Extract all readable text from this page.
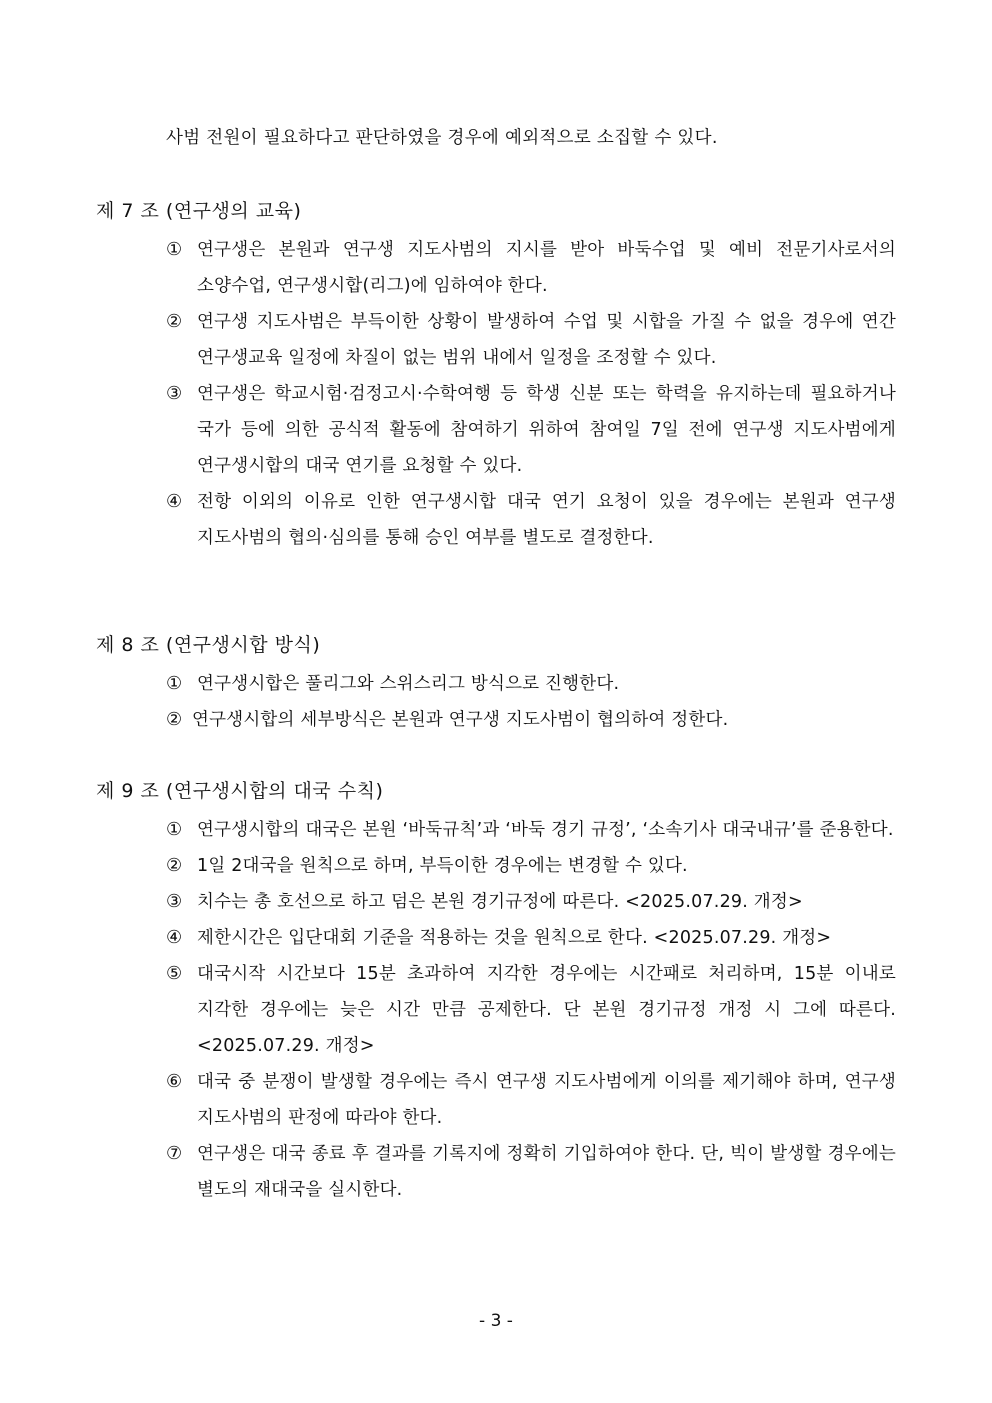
사범 전원이 필요하다고 판단하였을 경우에 예외적으로 소집할 수 있다.
제 7 조 (연구생의 교육)
① 연구생은 본원과 연구생 지도사범의 지시를 받아 바둑수업 및 예비 전문기사로서의 소양수업, 연구생시합(리그)에 임하여야 한다.
② 연구생 지도사범은 부득이한 상황이 발생하여 수업 및 시합을 가질 수 없을 경우에 연간 연구생교육 일정에 차질이 없는 범위 내에서 일정을 조정할 수 있다.
③ 연구생은 학교시험·검정고시·수학여행 등 학생 신분 또는 학력을 유지하는데 필요하거나 국가 등에 의한 공식적 활동에 참여하기 위하여 참여일 7일 전에 연구생 지도사범에게 연구생시합의 대국 연기를 요청할 수 있다.
④ 전항 이외의 이유로 인한 연구생시합 대국 연기 요청이 있을 경우에는 본원과 연구생 지도사범의 협의·심의를 통해 승인 여부를 별도로 결정한다.
제 8 조 (연구생시합 방식)
① 연구생시합은 풀리그와 스위스리그 방식으로 진행한다.
② 연구생시합의 세부방식은 본원과 연구생 지도사범이 협의하여 정한다.
제 9 조 (연구생시합의 대국 수칙)
① 연구생시합의 대국은 본원 ‘바둑규칙’과 ‘바둑 경기 규정’, ‘소속기사 대국내규’를 준용한다.
② 1일 2대국을 원칙으로 하며, 부득이한 경우에는 변경할 수 있다.
③ 치수는 총 호선으로 하고 덤은 본원 경기규정에 따른다. <2025.07.29. 개정>
④ 제한시간은 입단대회 기준을 적용하는 것을 원칙으로 한다. <2025.07.29. 개정>
⑤ 대국시작 시간보다 15분 초과하여 지각한 경우에는 시간패로 처리하며, 15분 이내로 지각한 경우에는 늦은 시간 만큼 공제한다. 단 본원 경기규정 개정 시 그에 따른다. <2025.07.29. 개정>
⑥ 대국 중 분쟁이 발생할 경우에는 즉시 연구생 지도사범에게 이의를 제기해야 하며, 연구생 지도사범의 판정에 따라야 한다.
⑦ 연구생은 대국 종료 후 결과를 기록지에 정확히 기입하여야 한다. 단, 빅이 발생할 경우에는 별도의 재대국을 실시한다.
- 3 -
